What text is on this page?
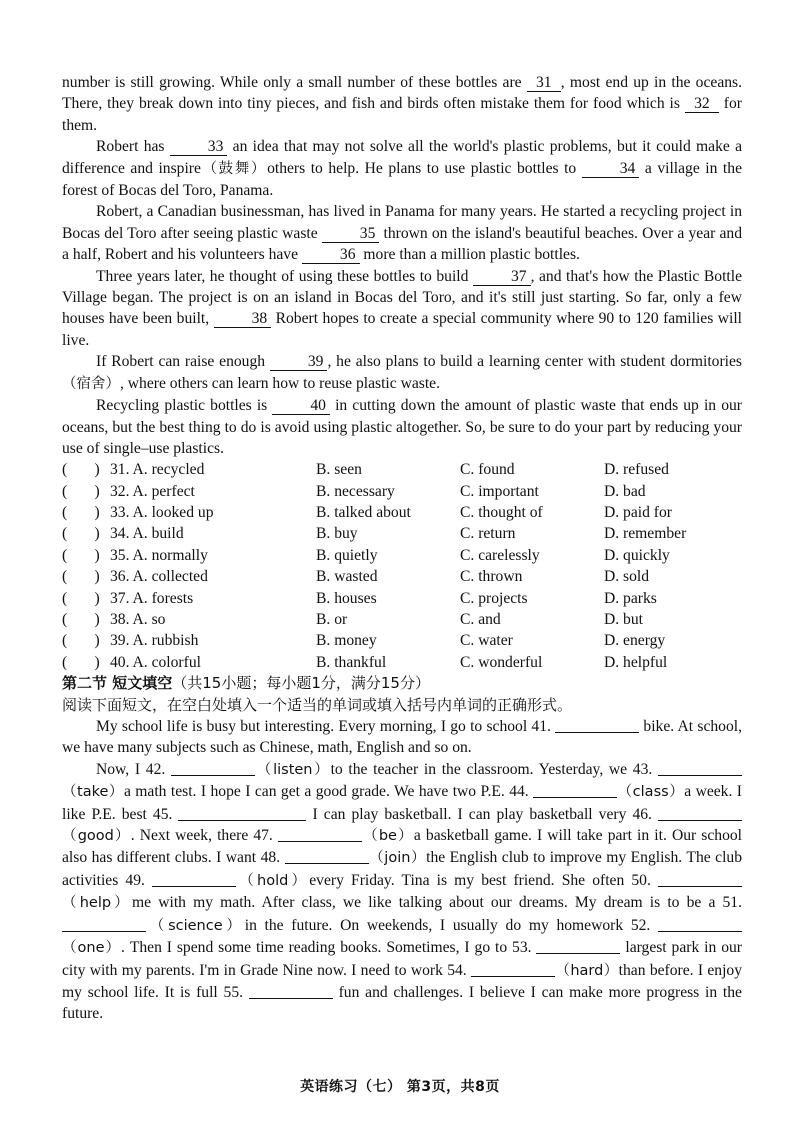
number is still growing. While only a small number of these bottles are 31 , most end up in the oceans. There, they break down into tiny pieces, and fish and birds often mistake them for food which is 32 for them.

Robert has 33 an idea that may not solve all the world's plastic problems, but it could make a difference and inspire（鼓舞）others to help. He plans to use plastic bottles to 34 a village in the forest of Bocas del Toro, Panama.

Robert, a Canadian businessman, has lived in Panama for many years. He started a recycling project in Bocas del Toro after seeing plastic waste 35 thrown on the island's beautiful beaches. Over a year and a half, Robert and his volunteers have 36 more than a million plastic bottles.

Three years later, he thought of using these bottles to build 37 , and that's how the Plastic Bottle Village began. The project is on an island in Bocas del Toro, and it's still just starting. So far, only a few houses have been built, 38 Robert hopes to create a special community where 90 to 120 families will live.

If Robert can raise enough 39 , he also plans to build a learning center with student dormitories（宿舍）, where others can learn how to reuse plastic waste.

Recycling plastic bottles is 40 in cutting down the amount of plastic waste that ends up in our oceans, but the best thing to do is avoid using plastic altogether. So, be sure to do your part by reducing your use of single–use plastics.

(       ) 31. A. recycled	B. seen	C. found	D. refused
(       ) 32. A. perfect	B. necessary	C. important	D. bad
(       ) 33. A. looked up	B. talked about	C. thought of	D. paid for
(       ) 34. A. build	B. buy	C. return	D. remember
(       ) 35. A. normally	B. quietly	C. carelessly	D. quickly
(       ) 36. A. collected	B. wasted	C. thrown	D. sold
(       ) 37. A. forests	B. houses	C. projects	D. parks
(       ) 38. A. so	B. or	C. and	D. but
(       ) 39. A. rubbish	B. money	C. water	D. energy
(       ) 40. A. colorful	B. thankful	C. wonderful	D. helpful
第二节 短文填空（共15小题；每小题1分，满分15分）
阅读下面短文，在空白处填入一个适当的单词或填入括号内单词的正确形式。

My school life is busy but interesting. Every morning, I go to school 41.	bike. At school, we have many subjects such as Chinese, math, English and so on.

Now, I 42.	（listen）to the teacher in the classroom. Yesterday, we 43. （take）a math test. I hope I can get a good grade. We have two P.E. 44.	（class）a week. I like P.E. best 45.	I can play basketball. I can play basketball very 46. （good）. Next week, there 47.	（be）a basketball game. I will take part in it. Our school also has different clubs. I want 48.	（join）the English club to improve my English. The club activities 49.	（hold）every Friday. Tina is my best friend. She often 50. （help）me with my math. After class, we like talking about our dreams. My dream is to be a 51. （science）in the future. On weekends, I usually do my homework 52. （one）. Then I spend some time reading books. Sometimes, I go to 53.	largest park in our city with my parents. I'm in Grade Nine now. I need to work 54.	（hard）than before. I enjoy my school life. It is full 55.	fun and challenges. I believe I can make more progress in the future.

英语练习（七） 第3页，共8页
